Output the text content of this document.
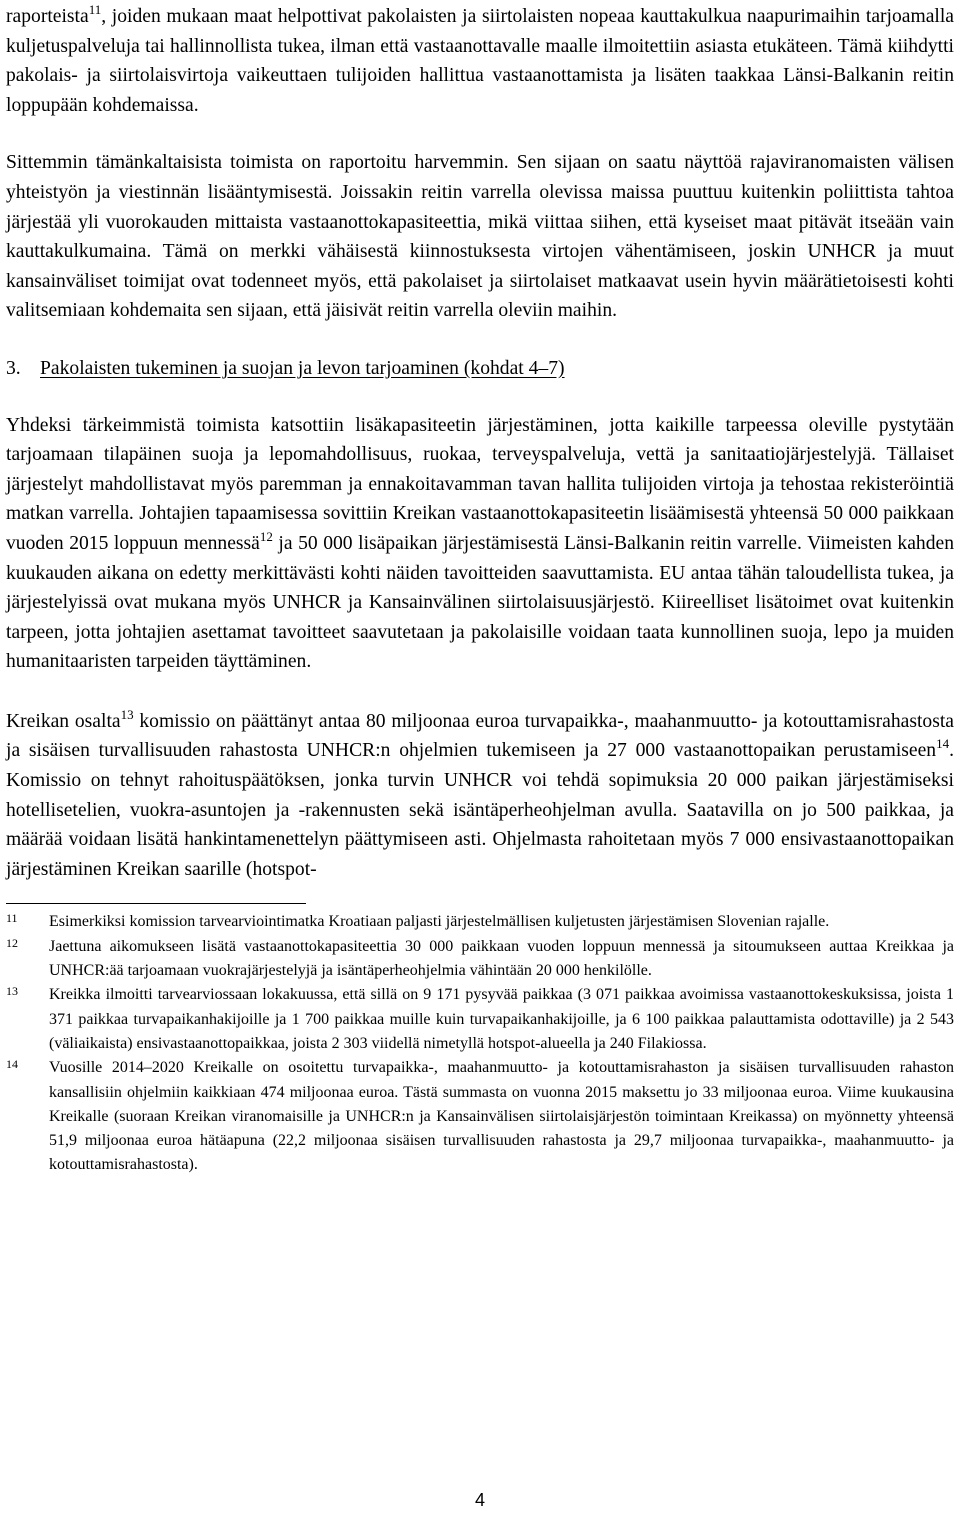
raporteista$^{11}$, joiden mukaan maat helpottivat pakolaisten ja siirtolaisten nopeaa kauttakulkua naapurimaihin tarjoamalla kuljetuspalveluja tai hallinnollista tukea, ilman että vastaanottavalle maalle ilmoitettiin asiasta etukäteen. Tämä kiihdytti pakolais- ja siirtolaisvirtoja vaikeuttaen tulijoiden hallittua vastaanottamista ja lisäten taakkaa Länsi-Balkanin reitin loppupään kohdemaissa.

Sittemmin tämänkaltaisista toimista on raportoitu harvemmin. Sen sijaan on saatu näyttöä rajaviranomaisten välisen yhteistyön ja viestinnän lisääntymisestä. Joissakin reitin varrella olevissa maissa puuttuu kuitenkin poliittista tahtoa järjestää yli vuorokauden mittaista vastaanottokapasiteettia, mikä viittaa siihen, että kyseiset maat pitävät itseään vain kauttakulkumaina. Tämä on merkki vähäisestä kiinnostuksesta virtojen vähentämiseen, joskin UNHCR ja muut kansainväliset toimijat ovat todenneet myös, että pakolaiset ja siirtolaiset matkaavat usein hyvin määrätietoisesti kohti valitsemiaan kohdemaita sen sijaan, että jäisivät reitin varrella oleviin maihin.

3. Pakolaisten tukeminen ja suojan ja levon tarjoaminen (kohdat 4–7)

Yhdeksi tärkeimmistä toimista katsottiin lisäkapasiteetin järjestäminen, jotta kaikille tarpeessa oleville pystytään tarjoamaan tilapäinen suoja ja lepomahdollisuus, ruokaa, terveyspalveluja, vettä ja sanitaatiojärjestelyjä. Tällaiset järjestelyt mahdollistavat myös paremman ja ennakoitavamman tavan hallita tulijoiden virtoja ja tehostaa rekisteröintiä matkan varrella. Johtajien tapaamisessa sovittiin Kreikan vastaanottokapasiteetin lisäämisestä yhteensä 50 000 paikkaan vuoden 2015 loppuun mennessä$^{12}$ ja 50 000 lisäpaikan järjestämisestä Länsi-Balkanin reitin varrelle. Viimeisten kahden kuukauden aikana on edetty merkittävästi kohti näiden tavoitteiden saavuttamista. EU antaa tähän taloudellista tukea, ja järjestelyissä ovat mukana myös UNHCR ja Kansainvälinen siirtolaisuusjärjestö. Kiireelliset lisätoimet ovat kuitenkin tarpeen, jotta johtajien asettamat tavoitteet saavutetaan ja pakolaisille voidaan taata kunnollinen suoja, lepo ja muiden humanitaaristen tarpeiden täyttäminen.

Kreikan osalta$^{13}$ komissio on päättänyt antaa 80 miljoonaa euroa turvapaikka-, maahanmuutto- ja kotouttamisrahastosta ja sisäisen turvallisuuden rahastosta UNHCR:n ohjelmien tukemiseen ja 27 000 vastaanottopaikan perustamiseen$^{14}$. Komissio on tehnyt rahoituspäätöksen, jonka turvin UNHCR voi tehdä sopimuksia 20 000 paikan järjestämiseksi hotellisetelien, vuokra-asuntojen ja -rakennusten sekä isäntäperheohjelman avulla. Saatavilla on jo 500 paikkaa, ja määrää voidaan lisätä hankintamenettelyn päättymiseen asti. Ohjelmasta rahoitetaan myös 7 000 ensivastaanottopaikan järjestäminen Kreikan saarille (hotspot-

11 Esimerkiksi komission tarvearviointimatka Kroatiaan paljasti järjestelmällisen kuljetusten järjestämisen Slovenian rajalle.
12 Jaettuna aikomukseen lisätä vastaanottokapasiteettia 30 000 paikkaan vuoden loppuun mennessä ja sitoumukseen auttaa Kreikkaa ja UNHCR:ää tarjoamaan vuokrajärjestelyjä ja isäntäperheohjelmia vähintään 20 000 henkilölle.
13 Kreikka ilmoitti tarvearviossaan lokakuussa, että sillä on 9 171 pysyvää paikkaa (3 071 paikkaa avoimissa vastaanottokeskuksissa, joista 1 371 paikkaa turvapaikanhakijoille ja 1 700 paikkaa muille kuin turvapaikanhakijoille, ja 6 100 paikkaa palauttamista odottaville) ja 2 543 (väliaikaista) ensivastaanottopaikkaa, joista 2 303 viidellä nimetyllä hotspot-alueella ja 240 Filakiossa.
14 Vuosille 2014–2020 Kreikalle on osoitettu turvapaikka-, maahanmuutto- ja kotouttamisrahaston ja sisäisen turvallisuuden rahaston kansallisiin ohjelmiin kaikkiaan 474 miljoonaa euroa. Tästä summasta on vuonna 2015 maksettu jo 33 miljoonaa euroa. Viime kuukausina Kreikalle (suoraan Kreikan viranomaisille ja UNHCR:n ja Kansainvälisen siirtolaisjärjestön toimintaan Kreikassa) on myönnetty yhteensä 51,9 miljoonaa euroa hätäapuna (22,2 miljoonaa sisäisen turvallisuuden rahastosta ja 29,7 miljoonaa turvapaikka-, maahanmuutto- ja kotouttamisrahastosta).
4
